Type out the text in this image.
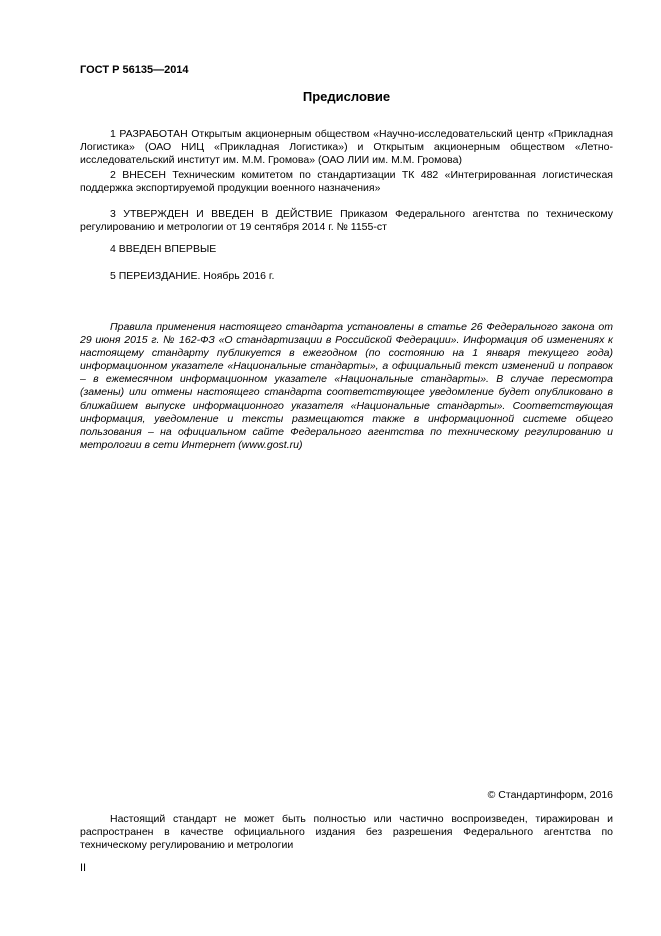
ГОСТ Р 56135—2014
Предисловие
1 РАЗРАБОТАН Открытым акционерным обществом «Научно-исследовательский центр «Прикладная Логистика» (ОАО НИЦ «Прикладная Логистика») и Открытым акционерным обществом «Летно-исследовательский институт им. М.М. Громова» (ОАО ЛИИ им. М.М. Громова)
2 ВНЕСЕН Техническим комитетом по стандартизации ТК 482 «Интегрированная логистическая поддержка экспортируемой продукции военного назначения»
3 УТВЕРЖДЕН И ВВЕДЕН В ДЕЙСТВИЕ Приказом Федерального агентства по техническому регулированию и метрологии от 19 сентября 2014 г. № 1155-ст
4 ВВЕДЕН ВПЕРВЫЕ
5 ПЕРЕИЗДАНИЕ. Ноябрь 2016 г.
Правила применения настоящего стандарта установлены в статье 26 Федерального закона от 29 июня 2015 г. № 162-ФЗ «О стандартизации в Российской Федерации». Информация об изменениях к настоящему стандарту публикуется в ежегодном (по состоянию на 1 января текущего года) информационном указателе «Национальные стандарты», а официальный текст изменений и поправок – в ежемесячном информационном указателе «Национальные стандарты». В случае пересмотра (замены) или отмены настоящего стандарта соответствующее уведомление будет опубликовано в ближайшем выпуске информационного указателя «Национальные стандарты». Соответствующая информация, уведомление и тексты размещаются также в информационной системе общего пользования – на официальном сайте Федерального агентства по техническому регулированию и метрологии в сети Интернет (www.gost.ru)
© Стандартинформ, 2016
Настоящий стандарт не может быть полностью или частично воспроизведен, тиражирован и распространен в качестве официального издания без разрешения Федерального агентства по техническому регулированию и метрологии
II
